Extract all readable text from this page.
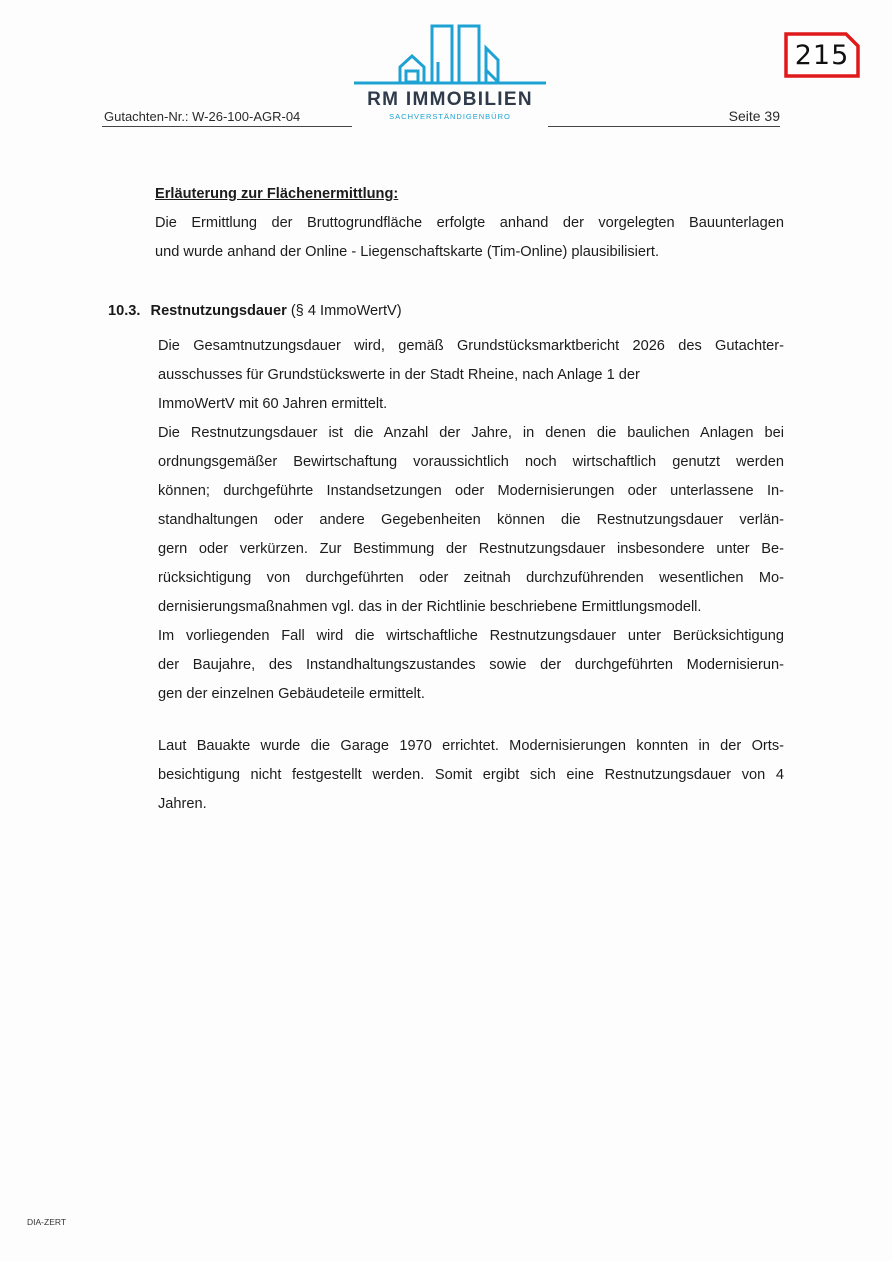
Gutachten-Nr.: W-26-100-AGR-04
RM IMMOBILIEN
SACHVERSTÄNDIGENBÜRO	Seite 39
215
Erläuterung zur Flächenermittlung:
Die Ermittlung der Bruttogrundfläche erfolgte anhand der vorgelegten Bauunterlagen
und wurde anhand der Online - Liegenschaftskarte (Tim-Online) plausibilisiert.
10.3. Restnutzungsdauer (§ 4 ImmoWertV)
Die Gesamtnutzungsdauer wird, gemäß Grundstücksmarktbericht 2026 des Gutachter-
ausschusses für Grundstückswerte in der Stadt Rheine, nach Anlage 1 der
ImmoWertV mit 60 Jahren ermittelt.
Die Restnutzungsdauer ist die Anzahl der Jahre, in denen die baulichen Anlagen bei
ordnungsgemäßer Bewirtschaftung voraussichtlich noch wirtschaftlich genutzt werden
können; durchgeführte Instandsetzungen oder Modernisierungen oder unterlassene In-
standhaltungen oder andere Gegebenheiten können die Restnutzungsdauer verlän-
gern oder verkürzen. Zur Bestimmung der Restnutzungsdauer insbesondere unter Be-
rücksichtigung von durchgeführten oder zeitnah durchzuführenden wesentlichen Mo-
dernisierungsmaßnahmen vgl. das in der Richtlinie beschriebene Ermittlungsmodell.
Im vorliegenden Fall wird die wirtschaftliche Restnutzungsdauer unter Berücksichtigung
der Baujahre, des Instandhaltungszustandes sowie der durchgeführten Modernisierun-
gen der einzelnen Gebäudeteile ermittelt.
Laut Bauakte wurde die Garage 1970 errichtet. Modernisierungen konnten in der Orts-
besichtigung nicht festgestellt werden. Somit ergibt sich eine Restnutzungsdauer von 4
Jahren.
DIA-ZERT
